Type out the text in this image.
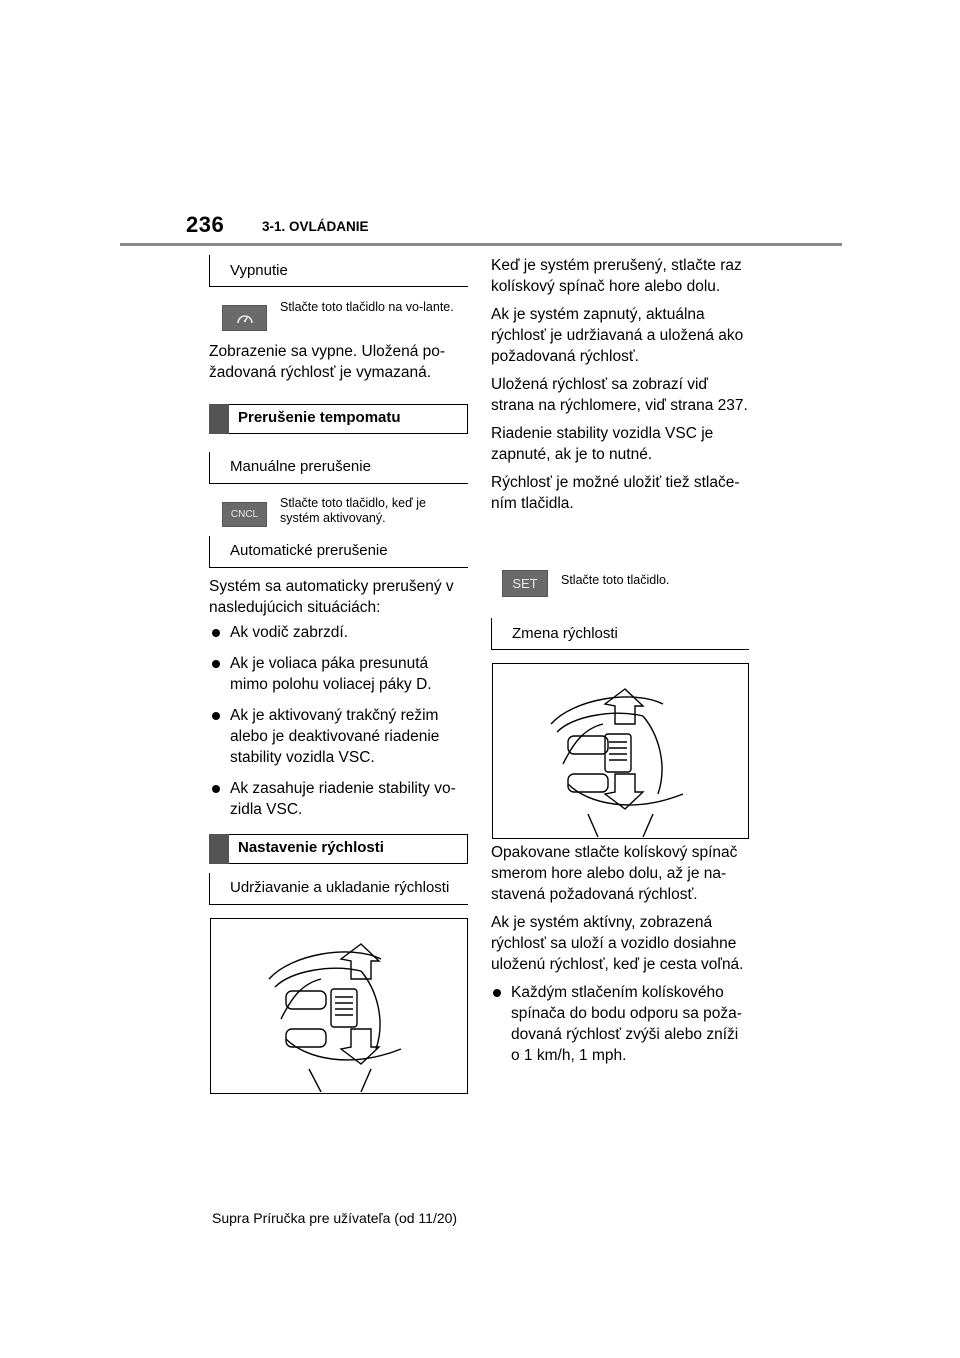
236	3-1. OVLÁDANIE
Vypnutie
Stlačte toto tlačidlo na vo-lante.

Zobrazenie sa vypne. Uložená po-žadovaná rýchlosť je vymazaná.

Prerušenie tempomatu
Manuálne prerušenie
CNCL
Stlačte toto tlačidlo, keď je systém aktivovaný.
Automatické prerušenie

Systém sa automaticky prerušený v nasledujúcich situáciách:

Ak vodič zabrzdí.
Ak je voliaca páka presunutá mimo polohu voliacej páky D.
Ak je aktivovaný trakčný režim alebo je deaktivované riadenie stability vozidla VSC.
Ak zasahuje riadenie stability vo-zidla VSC.
Nastavenie rýchlosti
Udržiavanie a ukladanie rýchlosti

Keď je systém prerušený, stlačte raz kolískový spínač hore alebo dolu.

Ak je systém zapnutý, aktuálna rýchlosť je udržiavaná a uložená ako požadovaná rýchlosť.

Uložená rýchlosť sa zobrazí viď strana na rýchlomere, viď strana 237.

Riadenie stability vozidla VSC je zapnuté, ak je to nutné.

Rýchlosť je možné uložiť tiež stlače-ním tlačidla.

SET Stlačte toto tlačidlo.
Zmena rýchlosti

Opakovane stlačte kolískový spínač smerom hore alebo dolu, až je na-stavená požadovaná rýchlosť.

Ak je systém aktívny, zobrazená rýchlosť sa uloží a vozidlo dosiahne uloženú rýchlosť, keď je cesta voľná.

Každým stlačením kolískového spínača do bodu odporu sa poža-dovaná rýchlosť zvýši alebo zníži o 1 km/h, 1 mph.
Supra Príručka pre užívateľa (od 11/20)
